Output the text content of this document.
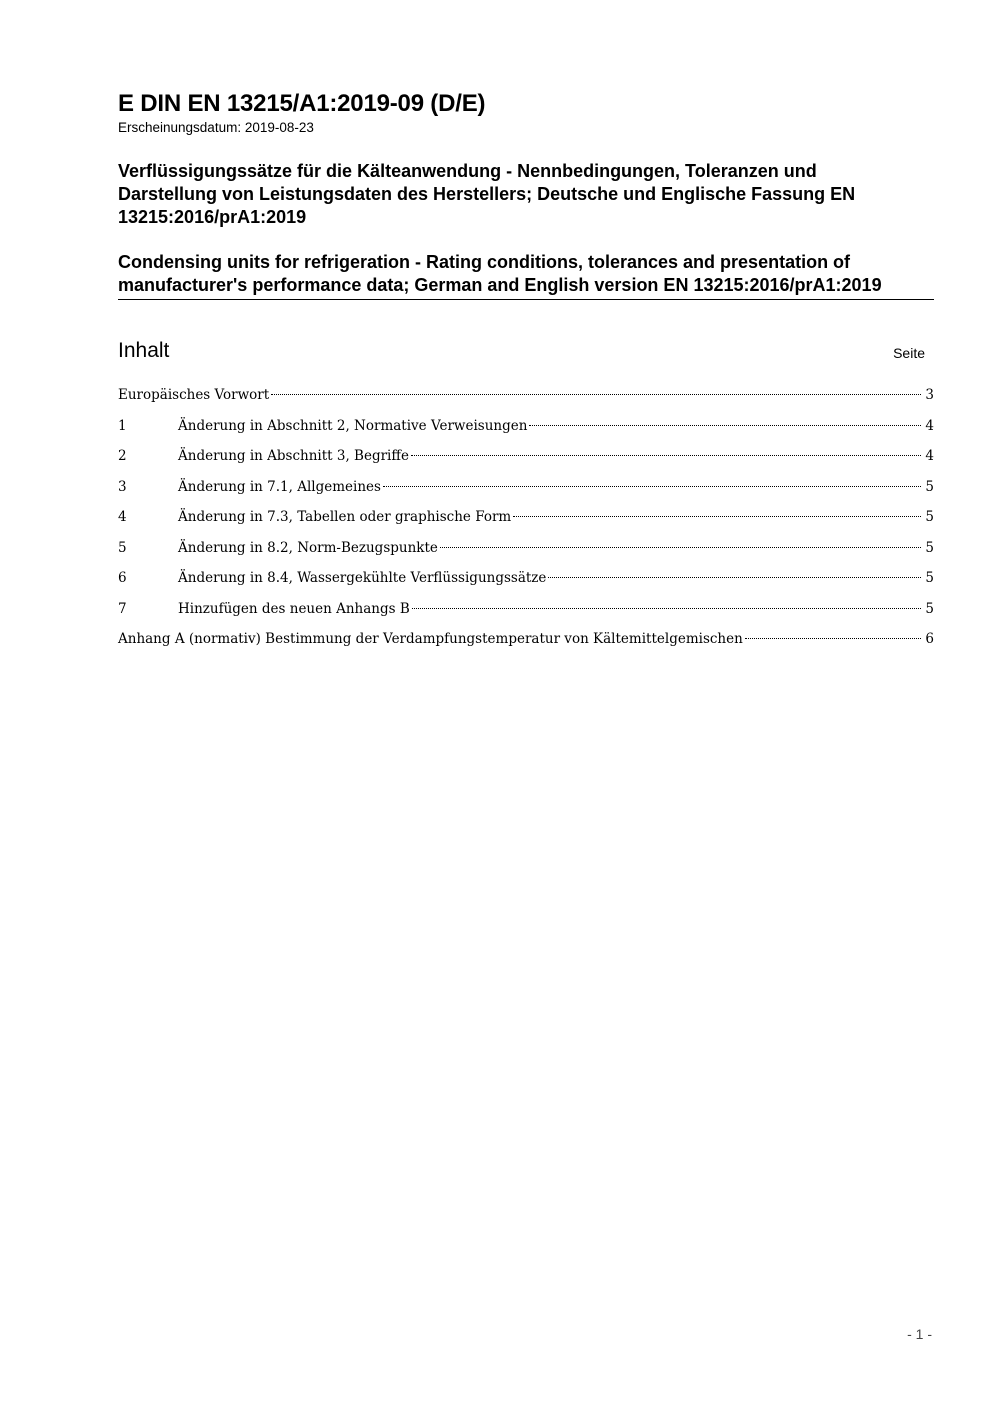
E DIN EN 13215/A1:2019-09 (D/E)
Erscheinungsdatum: 2019-08-23

Verflüssigungssätze für die Kälteanwendung - Nennbedingungen, Toleranzen und Darstellung von Leistungsdaten des Herstellers; Deutsche und Englische Fassung EN 13215:2016/prA1:2019

Condensing units for refrigeration - Rating conditions, tolerances and presentation of manufacturer's performance data; German and English version EN 13215:2016/prA1:2019

Inhalt	Seite
Europäisches Vorwort	3
1	Änderung in Abschnitt 2, Normative Verweisungen	4
2	Änderung in Abschnitt 3, Begriffe	4
3	Änderung in 7.1, Allgemeines	5
4	Änderung in 7.3, Tabellen oder graphische Form	5
5	Änderung in 8.2, Norm-Bezugspunkte	5
6	Änderung in 8.4, Wassergekühlte Verflüssigungssätze	5
7	Hinzufügen des neuen Anhangs B	5
Anhang A (normativ) Bestimmung der Verdampfungstemperatur von Kältemittelgemischen	6
- 1 -
